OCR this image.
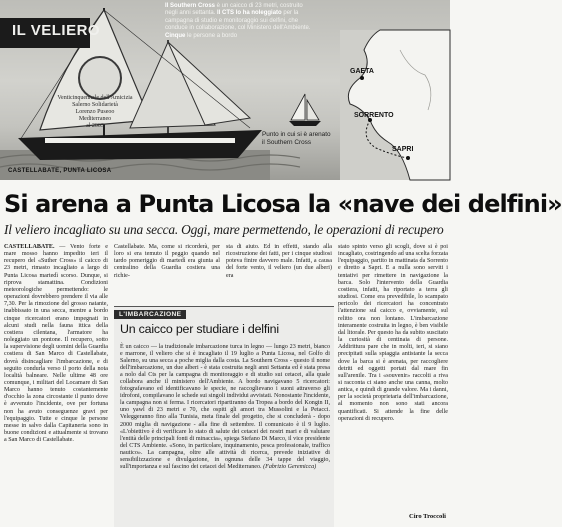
Venticinquennale dell'Amicizia
Salerno Solidarietà
Lorenzo Puseoo
Mediterraneo
al 2003
IL VELIERO
Il Southern Cross è un caicco di 23 metri, costruito negli anni settanta. Il CTS lo ha noleggiato per la campagna di studio e monitoraggio sui delfini, che conduce in collaborazione, col Ministero dell'Ambiente. Cinque le persone a bordo
GAETA
SORRENTO
SAPRI
Punto in cui si è arenato il Southern Cross
CASTELLABATE, PUNTA LICOSA
Si arena a Punta Licosa la «nave dei delfini»
Il veliero incagliato su una secca. Oggi, mare permettendo, le operazioni di recupero

CASTELLABATE. — Vento forte e mare mosso hanno impedito ieri il recupero del «Suther Cross» il caicco di 23 metri, rimasto incagliato a largo di Punta Licosa martedì scorso. Dunque, si riprova stamattina. Condizioni meteorologiche permettendo: le operazioni dovrebbero prendere il via alle 7,30. Per la rimozione del grosso natante, inabbissato in una secca, mentre a bordo cinque ricercatori erano impegnati in alcuni studi nella fauna ittica della costiera cilentana, l'armatore ha noleggiato un pontone. Il recupero, sotto la supervisione degli uomini della Guardia costiera di San Marco di Castellabate, dovrà disincagliare l'imbarcazione, e di seguito condurla verso il porto della nota località balneare. Nelle ultime 48 ore comunque, i militari del Locamare di San Marco hanno tenuto costantemente d'occhio la zona circostante il punto dove è avvenuto l'incidente, ove per fortuna non ha avuto conseguenze gravi per l'equipaggio. Tutte e cinque le persone messe in salvo dalla Capitaneria sono in buone condizioni e attualmente si trovano a San Marco di Castellabate.

Castellabate. Ma, come si ricorderà, per loro si era temuto il peggio quando nel tardo pomeriggio di martedì era giunta al centralino della Guardia costiera una richie-

sta di aiuto. Ed in effetti, stando alla ricostruzione dei fatti, per i cinque studiosi poteva finire davvero male. Infatti, a causa del forte vento, il veliero (un due alberi) era

stato spinto verso gli scogli, dove si è poi incagliato, costringendo ad una scelta forzata l'equipaggio, partito in mattinata da Sorrento e diretto a Sapri. E a nulla sono serviti i tentativi per rimettere in navigazione la barca. Solo l'intervento della Guardia costiera, infatti, ha riportato a terra gli studiosi. Come era prevedibile, lo scampato pericolo dei ricercatori ha concentrato l'attenzione sul caicco e, ovviamente, sul relitto ora non lontano. L'imbarcazione interamente costruita in legno, è ben visibile dal litorale. Per questo ha da subito suscitato la curiosità di centinaia di persone. Addirittura pare che in molti, ieri, si siano precipitati sulla spiaggia antistante la secca dove la barca si è arenata, per raccogliere detriti ed oggetti portati dal mare fin sull'arenile. Tra i «souvenir» raccolti a riva si racconta ci siano anche una canna, molto antica, e quindi di grande valore. Ma i danni, per la società proprietaria dell'imbarcazione, al momento non sono stati ancora quantificati. Si attende la fine delle operazioni di recupero.

Ciro Troccoli
L'IMBARCAZIONE
Un caicco per studiare i delfini

È un caicco — la tradizionale imbarcazione turca in legno — lungo 23 metri, bianco e marrone, il veliero che si è incagliato il 19 luglio a Punta Licosa, nel Golfo di Salerno, su una secca a poche miglia dalla costa. La Southern Cross - questo il nome dell'imbarcazione, un due alberi - è stata costruita negli anni Settanta ed è stata presa a nolo dal Cts per la campagna di monitoraggio e di studio sui cetacei, alla quale collabora anche il ministero dell'Ambiente. A bordo navigavano 5 ricercatori: fotografavano ed identificavano le specie, ne raccoglievano i suoni attraverso gli idrofoni, compilavano le schede sui singoli individui avvistati. Nonostante l'incidente, la campagna non si ferma. I ricercatori ripartiranno da Tropea a bordo del Kongin II, uno yawl di 23 metri e 70, che ospiti gli amori tra Mussolini e la Petacci. Veleggeranno fino alla Tunisia, meta finale del progetto, che si concluderà - dopo 2000 miglia di navigazione - alla fine di settembre. Il comunicato è il 9 luglio. «L'obiettivo è di verificare lo stato di salute dei cetacei dei nostri mari e di valutare l'entità delle principali fonti di minaccia», spiega Stefano Di Marco, il vice presidente del CTS Ambiente. «Sono, in particolare, inquinamento, pesca professionale, traffico nautico». La campagna, oltre alle attività di ricerca, prevede iniziative di sensibilizzazione e divulgazione, in ognuna delle 34 tappe del viaggio, sull'importanza e sul fascino dei cetacei del Mediterraneo. (Fabrizio Geremicca)
